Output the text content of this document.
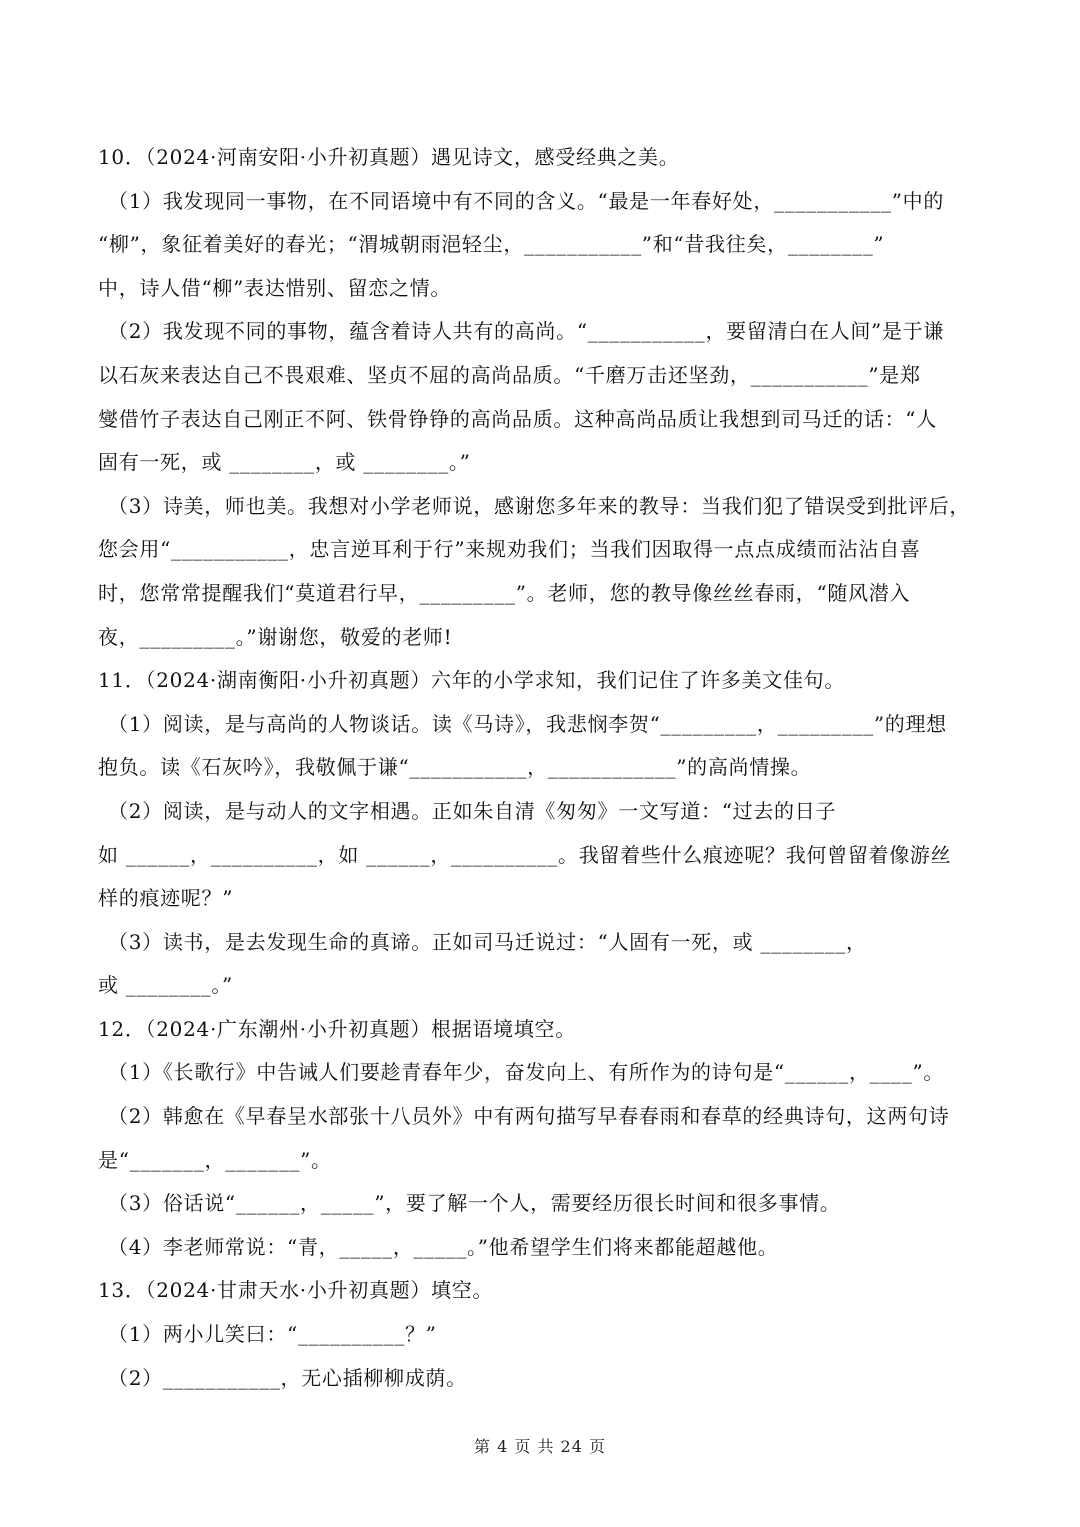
10．（2024·河南安阳·小升初真题）遇见诗文，感受经典之美。
（1）我发现同一事物，在不同语境中有不同的含义。“最是一年春好处，___________”中的
“柳”，象征着美好的春光；“渭城朝雨浥轻尘，___________”和“昔我往矣，________”
中，诗人借“柳”表达惜别、留恋之情。
（2）我发现不同的事物，蕴含着诗人共有的高尚。“___________，要留清白在人间”是于谦
以石灰来表达自己不畏艰难、坚贞不屈的高尚品质。“千磨万击还坚劲，___________”是郑
燮借竹子表达自己刚正不阿、铁骨铮铮的高尚品质。这种高尚品质让我想到司马迁的话：“人
固有一死，或 ________，或 ________。”
（3）诗美，师也美。我想对小学老师说，感谢您多年来的教导：当我们犯了错误受到批评后，
您会用“___________，忠言逆耳利于行”来规劝我们；当我们因取得一点点成绩而沾沾自喜
时，您常常提醒我们“莫道君行早，_________”。老师，您的教导像丝丝春雨，“随风潜入
夜，_________。”谢谢您，敬爱的老师!
11．（2024·湖南衡阳·小升初真题）六年的小学求知，我们记住了许多美文佳句。
（1）阅读，是与高尚的人物谈话。读《马诗》，我悲悯李贺“_________，_________”的理想
抱负。读《石灰吟》，我敬佩于谦“___________，____________”的高尚情操。
（2）阅读，是与动人的文字相遇。正如朱自清《匆匆》一文写道：“过去的日子
如 ______，__________，如 ______，__________。我留着些什么痕迹呢？我何曾留着像游丝
样的痕迹呢？”
（3）读书，是去发现生命的真谛。正如司马迁说过：“人固有一死，或 ________，
或 ________。”
12．（2024·广东潮州·小升初真题）根据语境填空。
（1）《长歌行》中告诫人们要趁青春年少，奋发向上、有所作为的诗句是“______，____”。
（2）韩愈在《早春呈水部张十八员外》中有两句描写早春春雨和春草的经典诗句，这两句诗
是“_______，_______”。
（3）俗话说“______，_____”，要了解一个人，需要经历很长时间和很多事情。
（4）李老师常说：“青，_____，_____。”他希望学生们将来都能超越他。
13．（2024·甘肃天水·小升初真题）填空。
（1）两小儿笑曰：“__________？”
（2）___________，无心插柳柳成荫。
第 4 页 共 24 页
